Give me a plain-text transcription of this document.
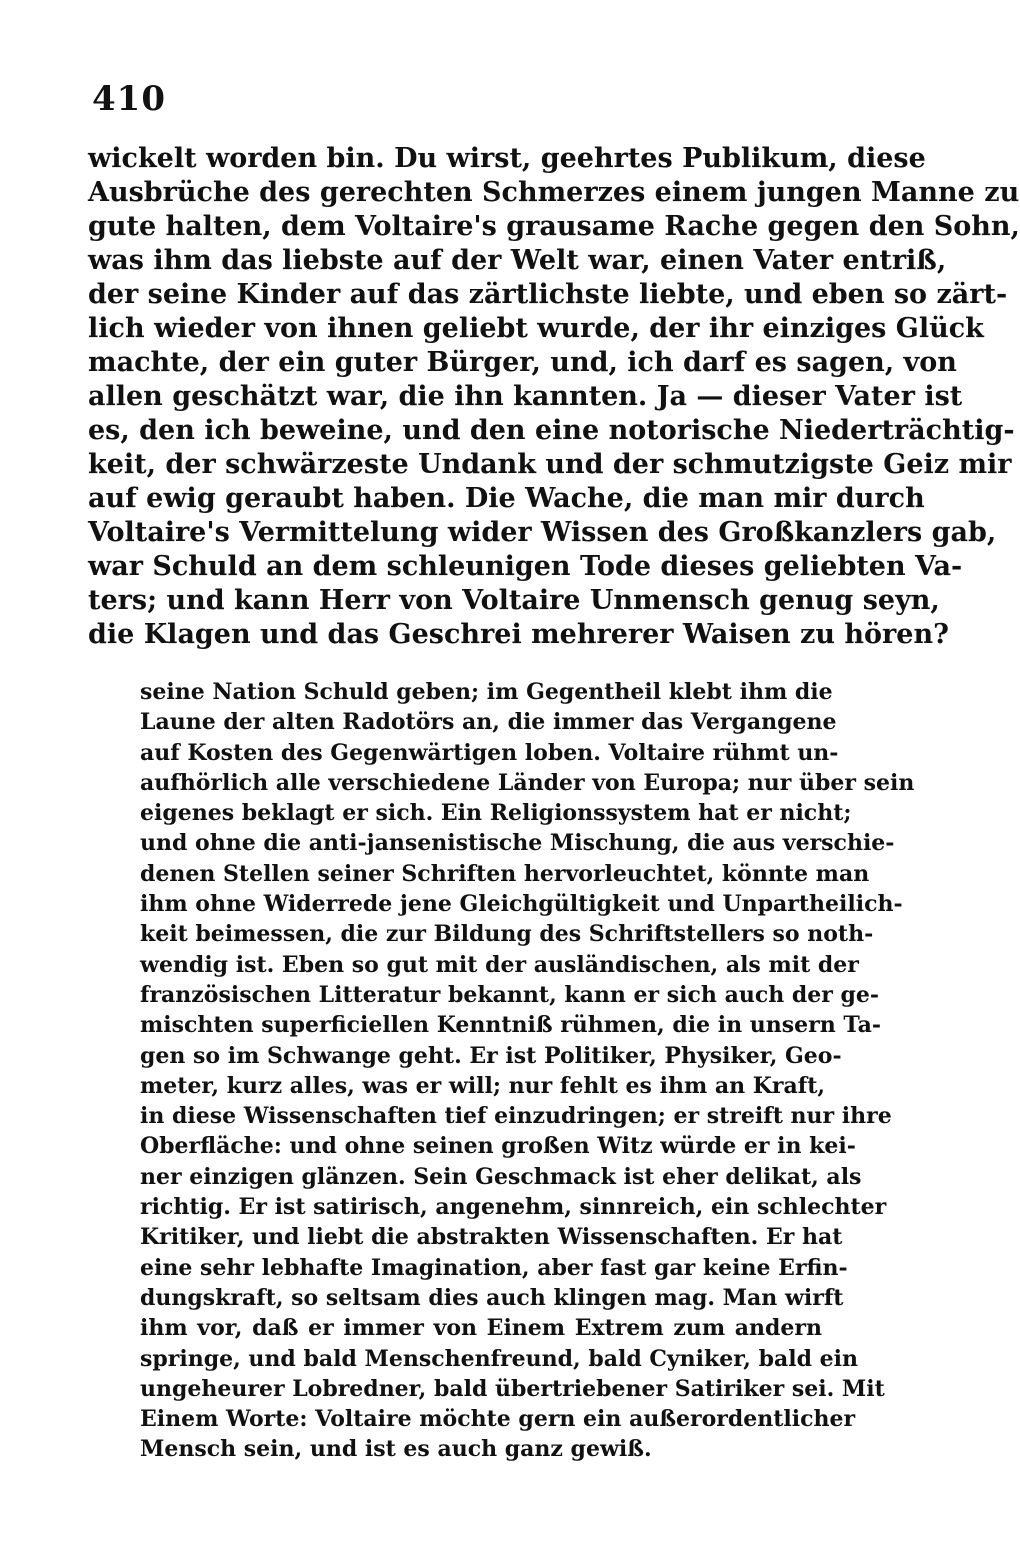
410
wickelt worden bin. Du wirst, geehrtes Publikum, diese
Ausbrüche des gerechten Schmerzes einem jungen Manne zu
gute halten, dem Voltaire's grausame Rache gegen den Sohn,
was ihm das liebste auf der Welt war, einen Vater entriß,
der seine Kinder auf das zärtlichste liebte, und eben so zärt-
lich wieder von ihnen geliebt wurde, der ihr einziges Glück
machte, der ein guter Bürger, und, ich darf es sagen, von
allen geschätzt war, die ihn kannten. Ja — dieser Vater ist
es, den ich beweine, und den eine notorische Niederträchtig-
keit, der schwärzeste Undank und der schmutzigste Geiz mir
auf ewig geraubt haben. Die Wache, die man mir durch
Voltaire's Vermittelung wider Wissen des Großkanzlers gab,
war Schuld an dem schleunigen Tode dieses geliebten Va-
ters; und kann Herr von Voltaire Unmensch genug seyn,
die Klagen und das Geschrei mehrerer Waisen zu hören?
seine Nation Schuld geben; im Gegentheil klebt ihm die
Laune der alten Radotörs an, die immer das Vergangene
auf Kosten des Gegenwärtigen loben. Voltaire rühmt un-
aufhörlich alle verschiedene Länder von Europa; nur über sein
eigenes beklagt er sich. Ein Religionssystem hat er nicht;
und ohne die anti-jansenistische Mischung, die aus verschie-
denen Stellen seiner Schriften hervorleuchtet, könnte man
ihm ohne Widerrede jene Gleichgültigkeit und Unpartheilich-
keit beimessen, die zur Bildung des Schriftstellers so noth-
wendig ist. Eben so gut mit der ausländischen, als mit der
französischen Litteratur bekannt, kann er sich auch der ge-
mischten superficiellen Kenntniß rühmen, die in unsern Ta-
gen so im Schwange geht. Er ist Politiker, Physiker, Geo-
meter, kurz alles, was er will; nur fehlt es ihm an Kraft,
in diese Wissenschaften tief einzudringen; er streift nur ihre
Oberfläche: und ohne seinen großen Witz würde er in kei-
ner einzigen glänzen. Sein Geschmack ist eher delikat, als
richtig. Er ist satirisch, angenehm, sinnreich, ein schlechter
Kritiker, und liebt die abstrakten Wissenschaften. Er hat
eine sehr lebhafte Imagination, aber fast gar keine Erfin-
dungskraft, so seltsam dies auch klingen mag. Man wirft
ihm vor, daß er immer von Einem Extrem zum andern
springe, und bald Menschenfreund, bald Cyniker, bald ein
ungeheurer Lobredner, bald übertriebener Satiriker sei. Mit
Einem Worte: Voltaire möchte gern ein außerordentlicher
Mensch sein, und ist es auch ganz gewiß.
